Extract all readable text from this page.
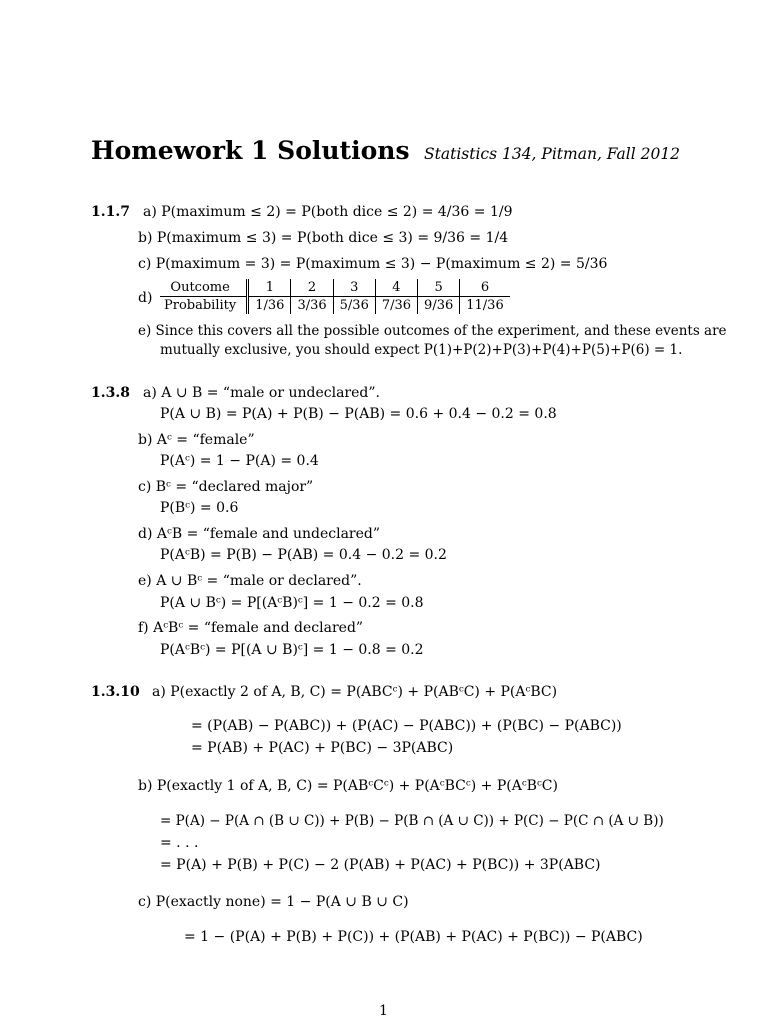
Homework 1 Solutions Statistics 134, Pitman, Fall 2012
1.1.7 a) P(maximum ≤ 2) = P(both dice ≤ 2) = 4/36 = 1/9
b) P(maximum ≤ 3) = P(both dice ≤ 3) = 9/36 = 1/4
c) P(maximum = 3) = P(maximum ≤ 3) − P(maximum ≤ 2) = 5/36
d)
Outcome	1	2	3	4	5	6
Probability	1/36	3/36	5/36	7/36	9/36	11/36
e) Since this covers all the possible outcomes of the experiment, and these events are
mutually exclusive, you should expect P(1)+P(2)+P(3)+P(4)+P(5)+P(6) = 1.
1.3.8 a) A ∪ B = “male or undeclared”.
P(A ∪ B) = P(A) + P(B) − P(AB) = 0.6 + 0.4 − 0.2 = 0.8
b) Aᶜ = “female”
P(Aᶜ) = 1 − P(A) = 0.4
c) Bᶜ = “declared major”
P(Bᶜ) = 0.6
d) AᶜB = “female and undeclared”
P(AᶜB) = P(B) − P(AB) = 0.4 − 0.2 = 0.2
e) A ∪ Bᶜ = “male or declared”.
P(A ∪ Bᶜ) = P[(AᶜB)ᶜ] = 1 − 0.2 = 0.8
f) AᶜBᶜ = “female and declared”
P(AᶜBᶜ) = P[(A ∪ B)ᶜ] = 1 − 0.8 = 0.2
1.3.10 a) P(exactly 2 of A, B, C) = P(ABCᶜ) + P(ABᶜC) + P(AᶜBC)
= (P(AB) − P(ABC)) + (P(AC) − P(ABC)) + (P(BC) − P(ABC))
= P(AB) + P(AC) + P(BC) − 3P(ABC)
b) P(exactly 1 of A, B, C) = P(ABᶜCᶜ) + P(AᶜBCᶜ) + P(AᶜBᶜC)
= P(A) − P(A ∩ (B ∪ C)) + P(B) − P(B ∩ (A ∪ C)) + P(C) − P(C ∩ (A ∪ B))
= . . .
= P(A) + P(B) + P(C) − 2 (P(AB) + P(AC) + P(BC)) + 3P(ABC)
c) P(exactly none) = 1 − P(A ∪ B ∪ C)
= 1 − (P(A) + P(B) + P(C)) + (P(AB) + P(AC) + P(BC)) − P(ABC)
1
